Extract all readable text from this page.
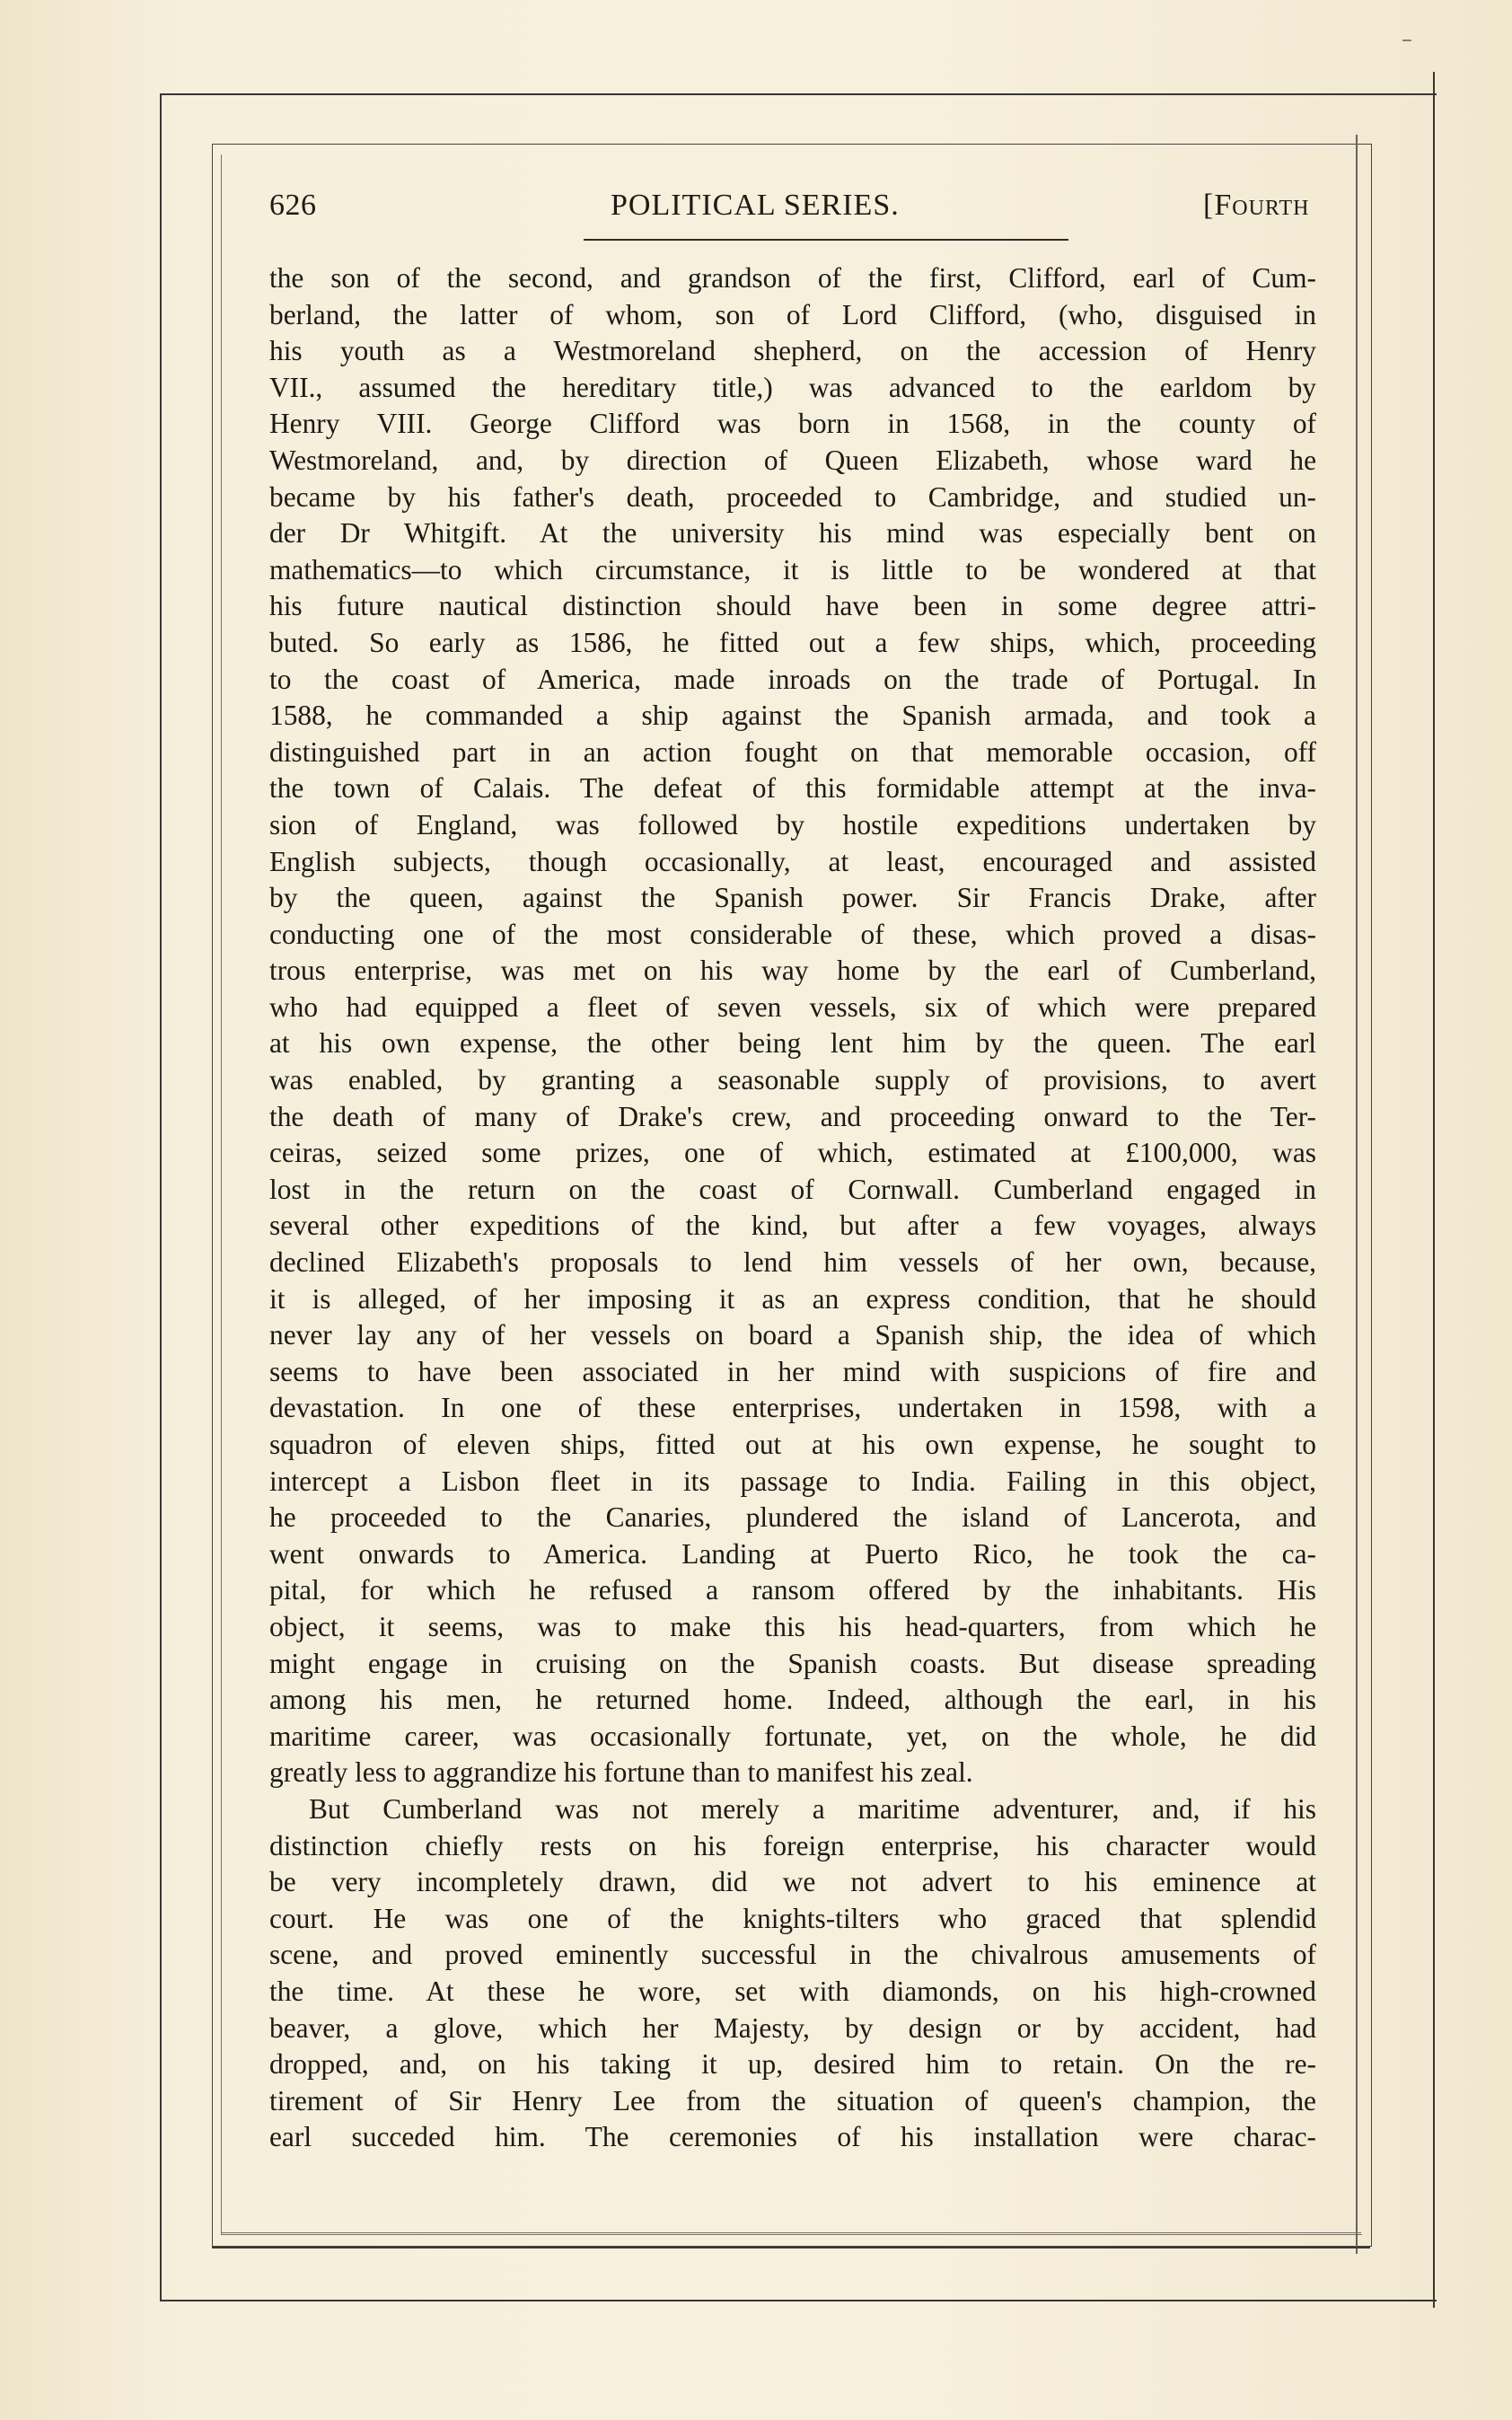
626	POLITICAL SERIES.	[Fourth
the son of the second, and grandson of the first, Clifford, earl of Cum-
berland, the latter of whom, son of Lord Clifford, (who, disguised in
his youth as a Westmoreland shepherd, on the accession of Henry
VII., assumed the hereditary title,) was advanced to the earldom by
Henry VIII. George Clifford was born in 1568, in the county of
Westmoreland, and, by direction of Queen Elizabeth, whose ward he
became by his father's death, proceeded to Cambridge, and studied un-
der Dr Whitgift. At the university his mind was especially bent on
mathematics—to which circumstance, it is little to be wondered at that
his future nautical distinction should have been in some degree attri-
buted. So early as 1586, he fitted out a few ships, which, proceeding
to the coast of America, made inroads on the trade of Portugal. In
1588, he commanded a ship against the Spanish armada, and took a
distinguished part in an action fought on that memorable occasion, off
the town of Calais. The defeat of this formidable attempt at the inva-
sion of England, was followed by hostile expeditions undertaken by
English subjects, though occasionally, at least, encouraged and assisted
by the queen, against the Spanish power. Sir Francis Drake, after
conducting one of the most considerable of these, which proved a disas-
trous enterprise, was met on his way home by the earl of Cumberland,
who had equipped a fleet of seven vessels, six of which were prepared
at his own expense, the other being lent him by the queen. The earl
was enabled, by granting a seasonable supply of provisions, to avert
the death of many of Drake's crew, and proceeding onward to the Ter-
ceiras, seized some prizes, one of which, estimated at £100,000, was
lost in the return on the coast of Cornwall. Cumberland engaged in
several other expeditions of the kind, but after a few voyages, always
declined Elizabeth's proposals to lend him vessels of her own, because,
it is alleged, of her imposing it as an express condition, that he should
never lay any of her vessels on board a Spanish ship, the idea of which
seems to have been associated in her mind with suspicions of fire and
devastation. In one of these enterprises, undertaken in 1598, with a
squadron of eleven ships, fitted out at his own expense, he sought to
intercept a Lisbon fleet in its passage to India. Failing in this object,
he proceeded to the Canaries, plundered the island of Lancerota, and
went onwards to America. Landing at Puerto Rico, he took the ca-
pital, for which he refused a ransom offered by the inhabitants. His
object, it seems, was to make this his head-quarters, from which he
might engage in cruising on the Spanish coasts. But disease spreading
among his men, he returned home. Indeed, although the earl, in his
maritime career, was occasionally fortunate, yet, on the whole, he did
greatly less to aggrandize his fortune than to manifest his zeal.
But Cumberland was not merely a maritime adventurer, and, if his
distinction chiefly rests on his foreign enterprise, his character would
be very incompletely drawn, did we not advert to his eminence at
court. He was one of the knights-tilters who graced that splendid
scene, and proved eminently successful in the chivalrous amusements of
the time. At these he wore, set with diamonds, on his high-crowned
beaver, a glove, which her Majesty, by design or by accident, had
dropped, and, on his taking it up, desired him to retain. On the re-
tirement of Sir Henry Lee from the situation of queen's champion, the
earl succeded him. The ceremonies of his installation were charac-
